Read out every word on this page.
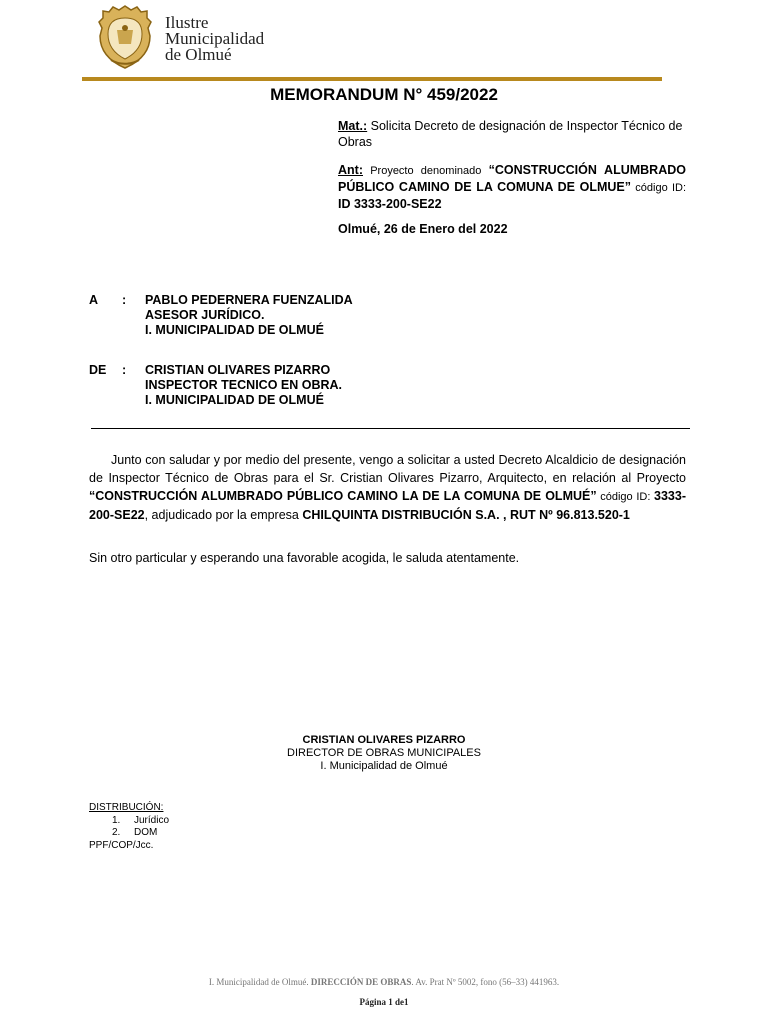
Ilustre
Municipalidad
de Olmué
MEMORANDUM N° 459/2022
Mat.: Solicita Decreto de designación de Inspector Técnico de Obras
Ant: Proyecto denominado “CONSTRUCCIÓN ALUMBRADO PÚBLICO CAMINO DE LA COMUNA DE OLMUE” código ID: ID 3333-200-SE22
Olmué, 26 de Enero del 2022
A	: PABLO PEDERNERA FUENZALIDA
ASESOR JURÍDICO.
I. MUNICIPALIDAD DE OLMUÉ
DE : CRISTIAN OLIVARES PIZARRO
INSPECTOR TECNICO EN OBRA.
I. MUNICIPALIDAD DE OLMUÉ
Junto con saludar y por medio del presente, vengo a solicitar a usted Decreto Alcaldicio de designación de Inspector Técnico de Obras para el Sr. Cristian Olivares Pizarro, Arquitecto, en relación al Proyecto “CONSTRUCCIÓN ALUMBRADO PÚBLICO CAMINO LA DE LA COMUNA DE OLMUÉ” código ID: 3333-200-SE22, adjudicado por la empresa CHILQUINTA DISTRIBUCIÓN S.A. , RUT Nº 96.813.520-1
Sin otro particular y esperando una favorable acogida, le saluda atentamente.
CRISTIAN OLIVARES PIZARRO
DIRECTOR DE OBRAS MUNICIPALES
I. Municipalidad de Olmué
DISTRIBUCIÓN:
1. Jurídico
2. DOM
PPF/COP/Jcc.
I. Municipalidad de Olmué. DIRECCIÓN DE OBRAS. Av. Prat Nº 5002, fono (56–33) 441963.
Página 1 de1
